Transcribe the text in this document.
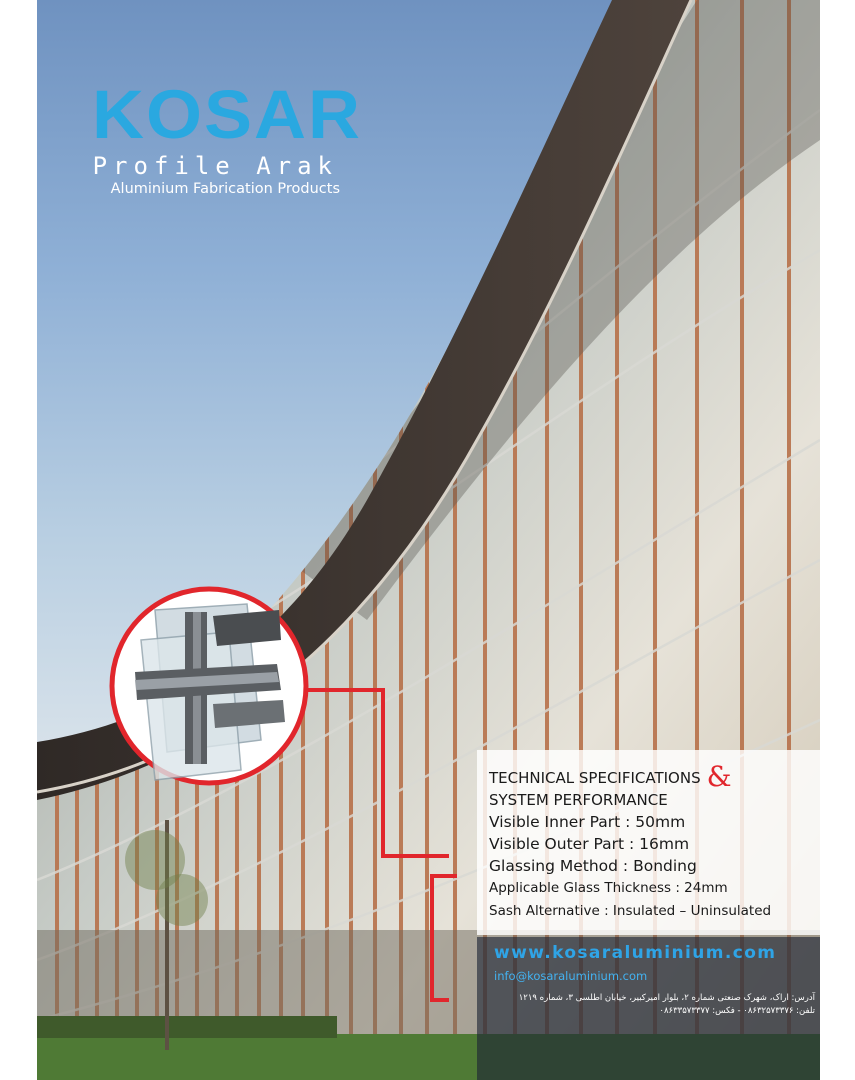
KOSAR
Profile Arak
Aluminium Fabrication Products
TECHNICAL SPECIFICATIONS &
SYSTEM PERFORMANCE
Visible Inner Part : 50mm
Visible Outer Part : 16mm
Glassing Method : Bonding
Applicable Glass Thickness : 24mm
Sash Alternative : Insulated – Uninsulated
www.kosaraluminium.com
info@kosaraluminium.com
آدرس: اراک، شهرک صنعتی شماره ۲، بلوار امیرکبیر، خیابان اطلسی ۳، شماره ۱۲۱۹
تلفن: ۰۸۶۳۲۵۷۳۳۷۶ - فکس: ۰۸۶۳۳۵۷۳۳۷۷
